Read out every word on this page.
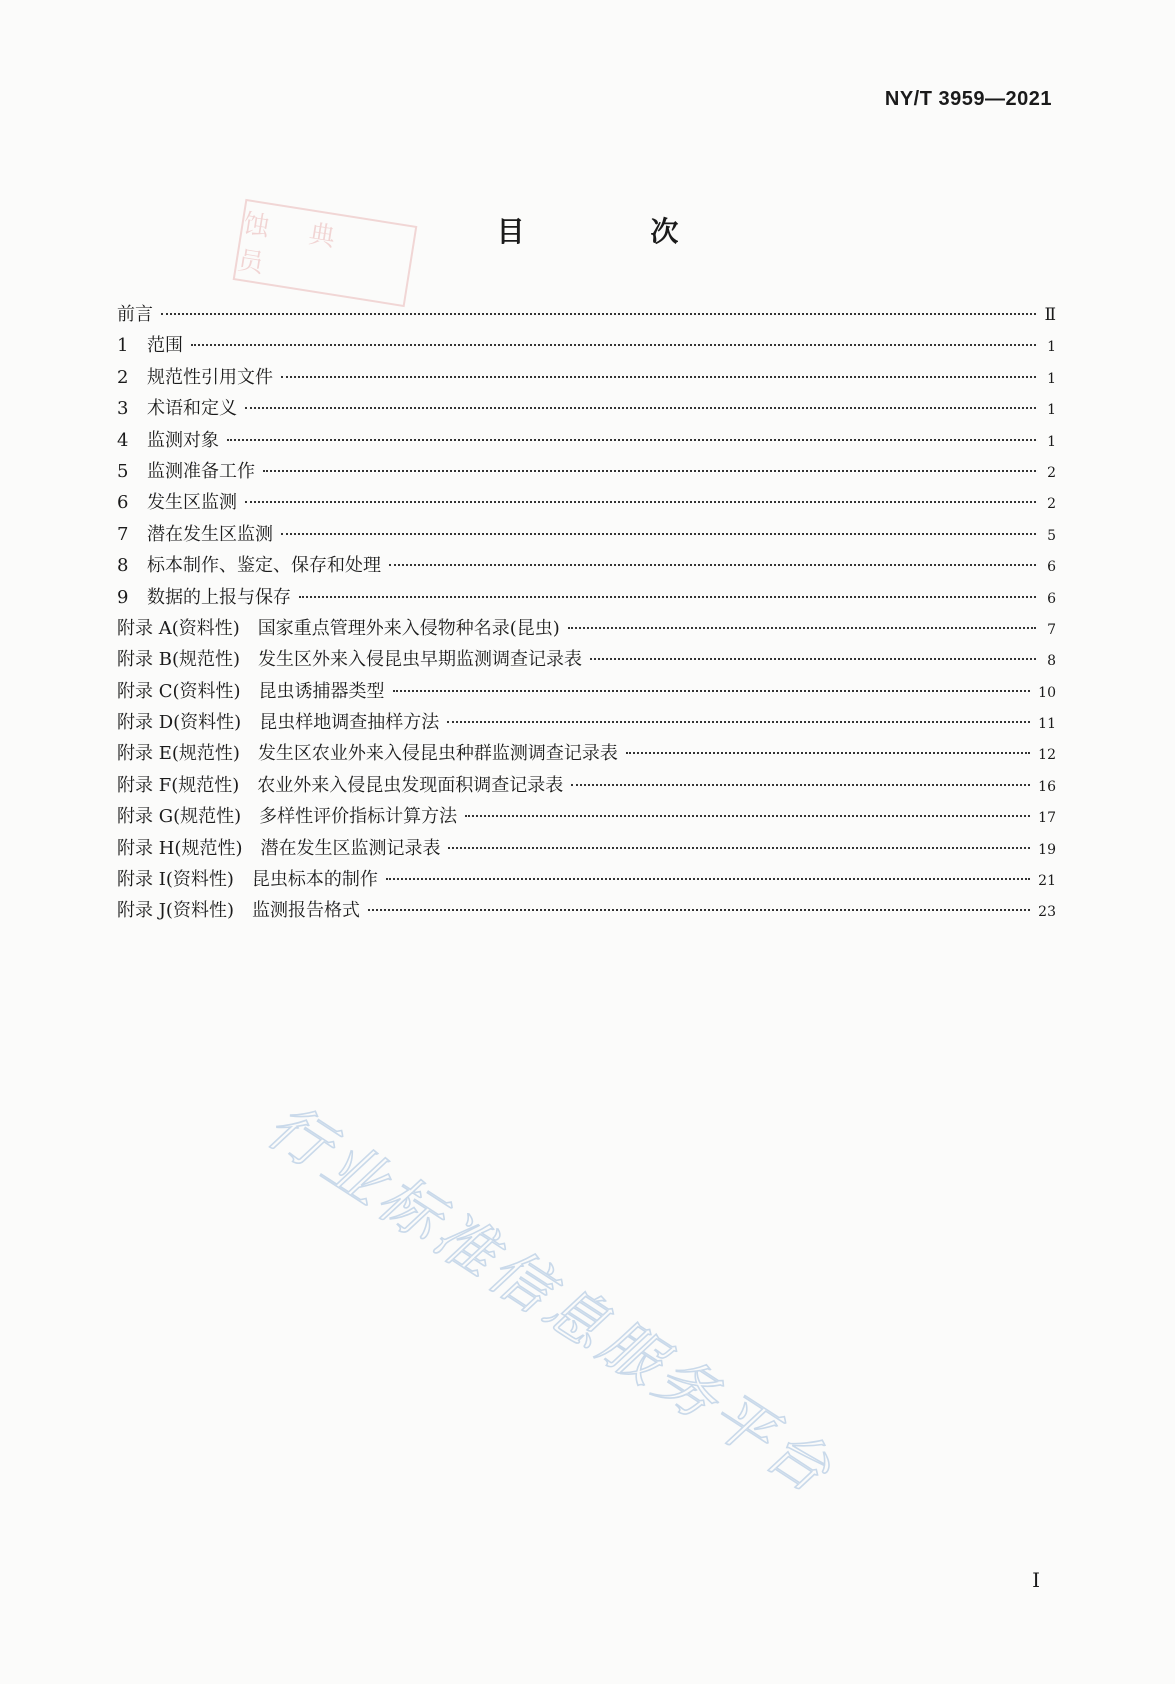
NY/T 3959—2021
蚀 典 员
目 次
前言	Ⅱ
1 范围	1
2 规范性引用文件	1
3 术语和定义	1
4 监测对象	1
5 监测准备工作	2
6 发生区监测	2
7 潜在发生区监测	5
8 标本制作、鉴定、保存和处理	6
9 数据的上报与保存	6
附录 A(资料性) 国家重点管理外来入侵物种名录(昆虫)	7
附录 B(规范性) 发生区外来入侵昆虫早期监测调查记录表	8
附录 C(资料性) 昆虫诱捕器类型	10
附录 D(资料性) 昆虫样地调查抽样方法	11
附录 E(规范性) 发生区农业外来入侵昆虫种群监测调查记录表	12
附录 F(规范性) 农业外来入侵昆虫发现面积调查记录表	16
附录 G(规范性) 多样性评价指标计算方法	17
附录 H(规范性) 潜在发生区监测记录表	19
附录 I(资料性) 昆虫标本的制作	21
附录 J(资料性) 监测报告格式	23
行业标准信息服务平台
I
